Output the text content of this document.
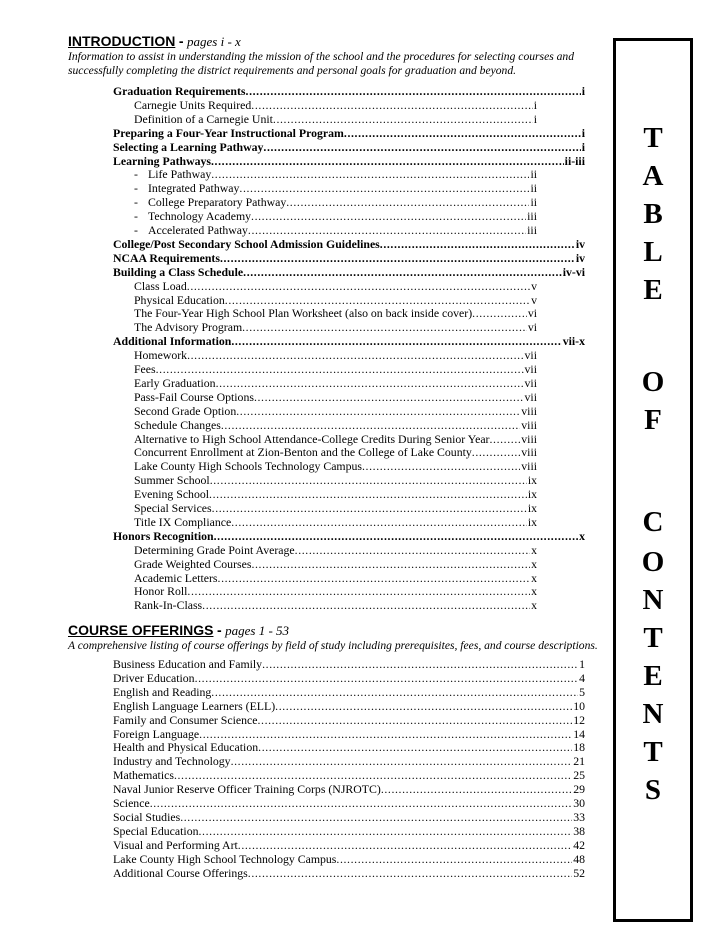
INTRODUCTION - pages i - x
Information to assist in understanding the mission of the school and the procedures for selecting courses and
successfully completing the district requirements and personal goals for graduation and beyond.
Graduation Requirements .....	i
Carnegie Units Required .....	i
Definition of a Carnegie Unit .....	i
Preparing a Four-Year Instructional Program .....	i
Selecting a Learning Pathway .....	i
Learning Pathways .....	ii-iii
- Life Pathway .....	ii
- Integrated Pathway .....	ii
- College Preparatory Pathway .....	ii
- Technology Academy .....	iii
- Accelerated Pathway .....	iii
College/Post Secondary School Admission Guidelines .....	iv
NCAA Requirements .....	iv
Building a Class Schedule .....	iv-vi
Class Load .....	v
Physical Education .....	v
The Four-Year High School Plan Worksheet (also on back inside cover) .....	vi
The Advisory Program .....	vi
Additional Information .....	vii-x
Homework .....	vii
Fees .....	vii
Early Graduation .....	vii
Pass-Fail Course Options .....	vii
Second Grade Option .....	viii
Schedule Changes .....	viii
Alternative to High School Attendance-College Credits During Senior Year .....	viii
Concurrent Enrollment at Zion-Benton and the College of Lake County .....	viii
Lake County High Schools Technology Campus .....	viii
Summer School .....	ix
Evening School .....	ix
Special Services .....	ix
Title IX Compliance .....	ix
Honors Recognition .....	x
Determining Grade Point Average .....	x
Grade Weighted Courses .....	x
Academic Letters .....	x
Honor Roll .....	x
Rank-In-Class .....	x
COURSE OFFERINGS - pages 1 - 53
A comprehensive listing of course offerings by field of study including prerequisites, fees, and course descriptions.
Business Education and Family .....	1
Driver Education .....	4
English and Reading .....	5
English Language Learners (ELL) .....	10
Family and Consumer Science .....	12
Foreign Language .....	14
Health and Physical Education .....	18
Industry and Technology .....	21
Mathematics .....	25
Naval Junior Reserve Officer Training Corps (NJROTC) .....	29
Science .....	30
Social Studies .....	33
Special Education .....	38
Visual and Performing Art .....	42
Lake County High School Technology Campus .....	48
Additional Course Offerings .....	52
T
A
B
L
E
O
F
C
O
N
T
E
N
T
S
